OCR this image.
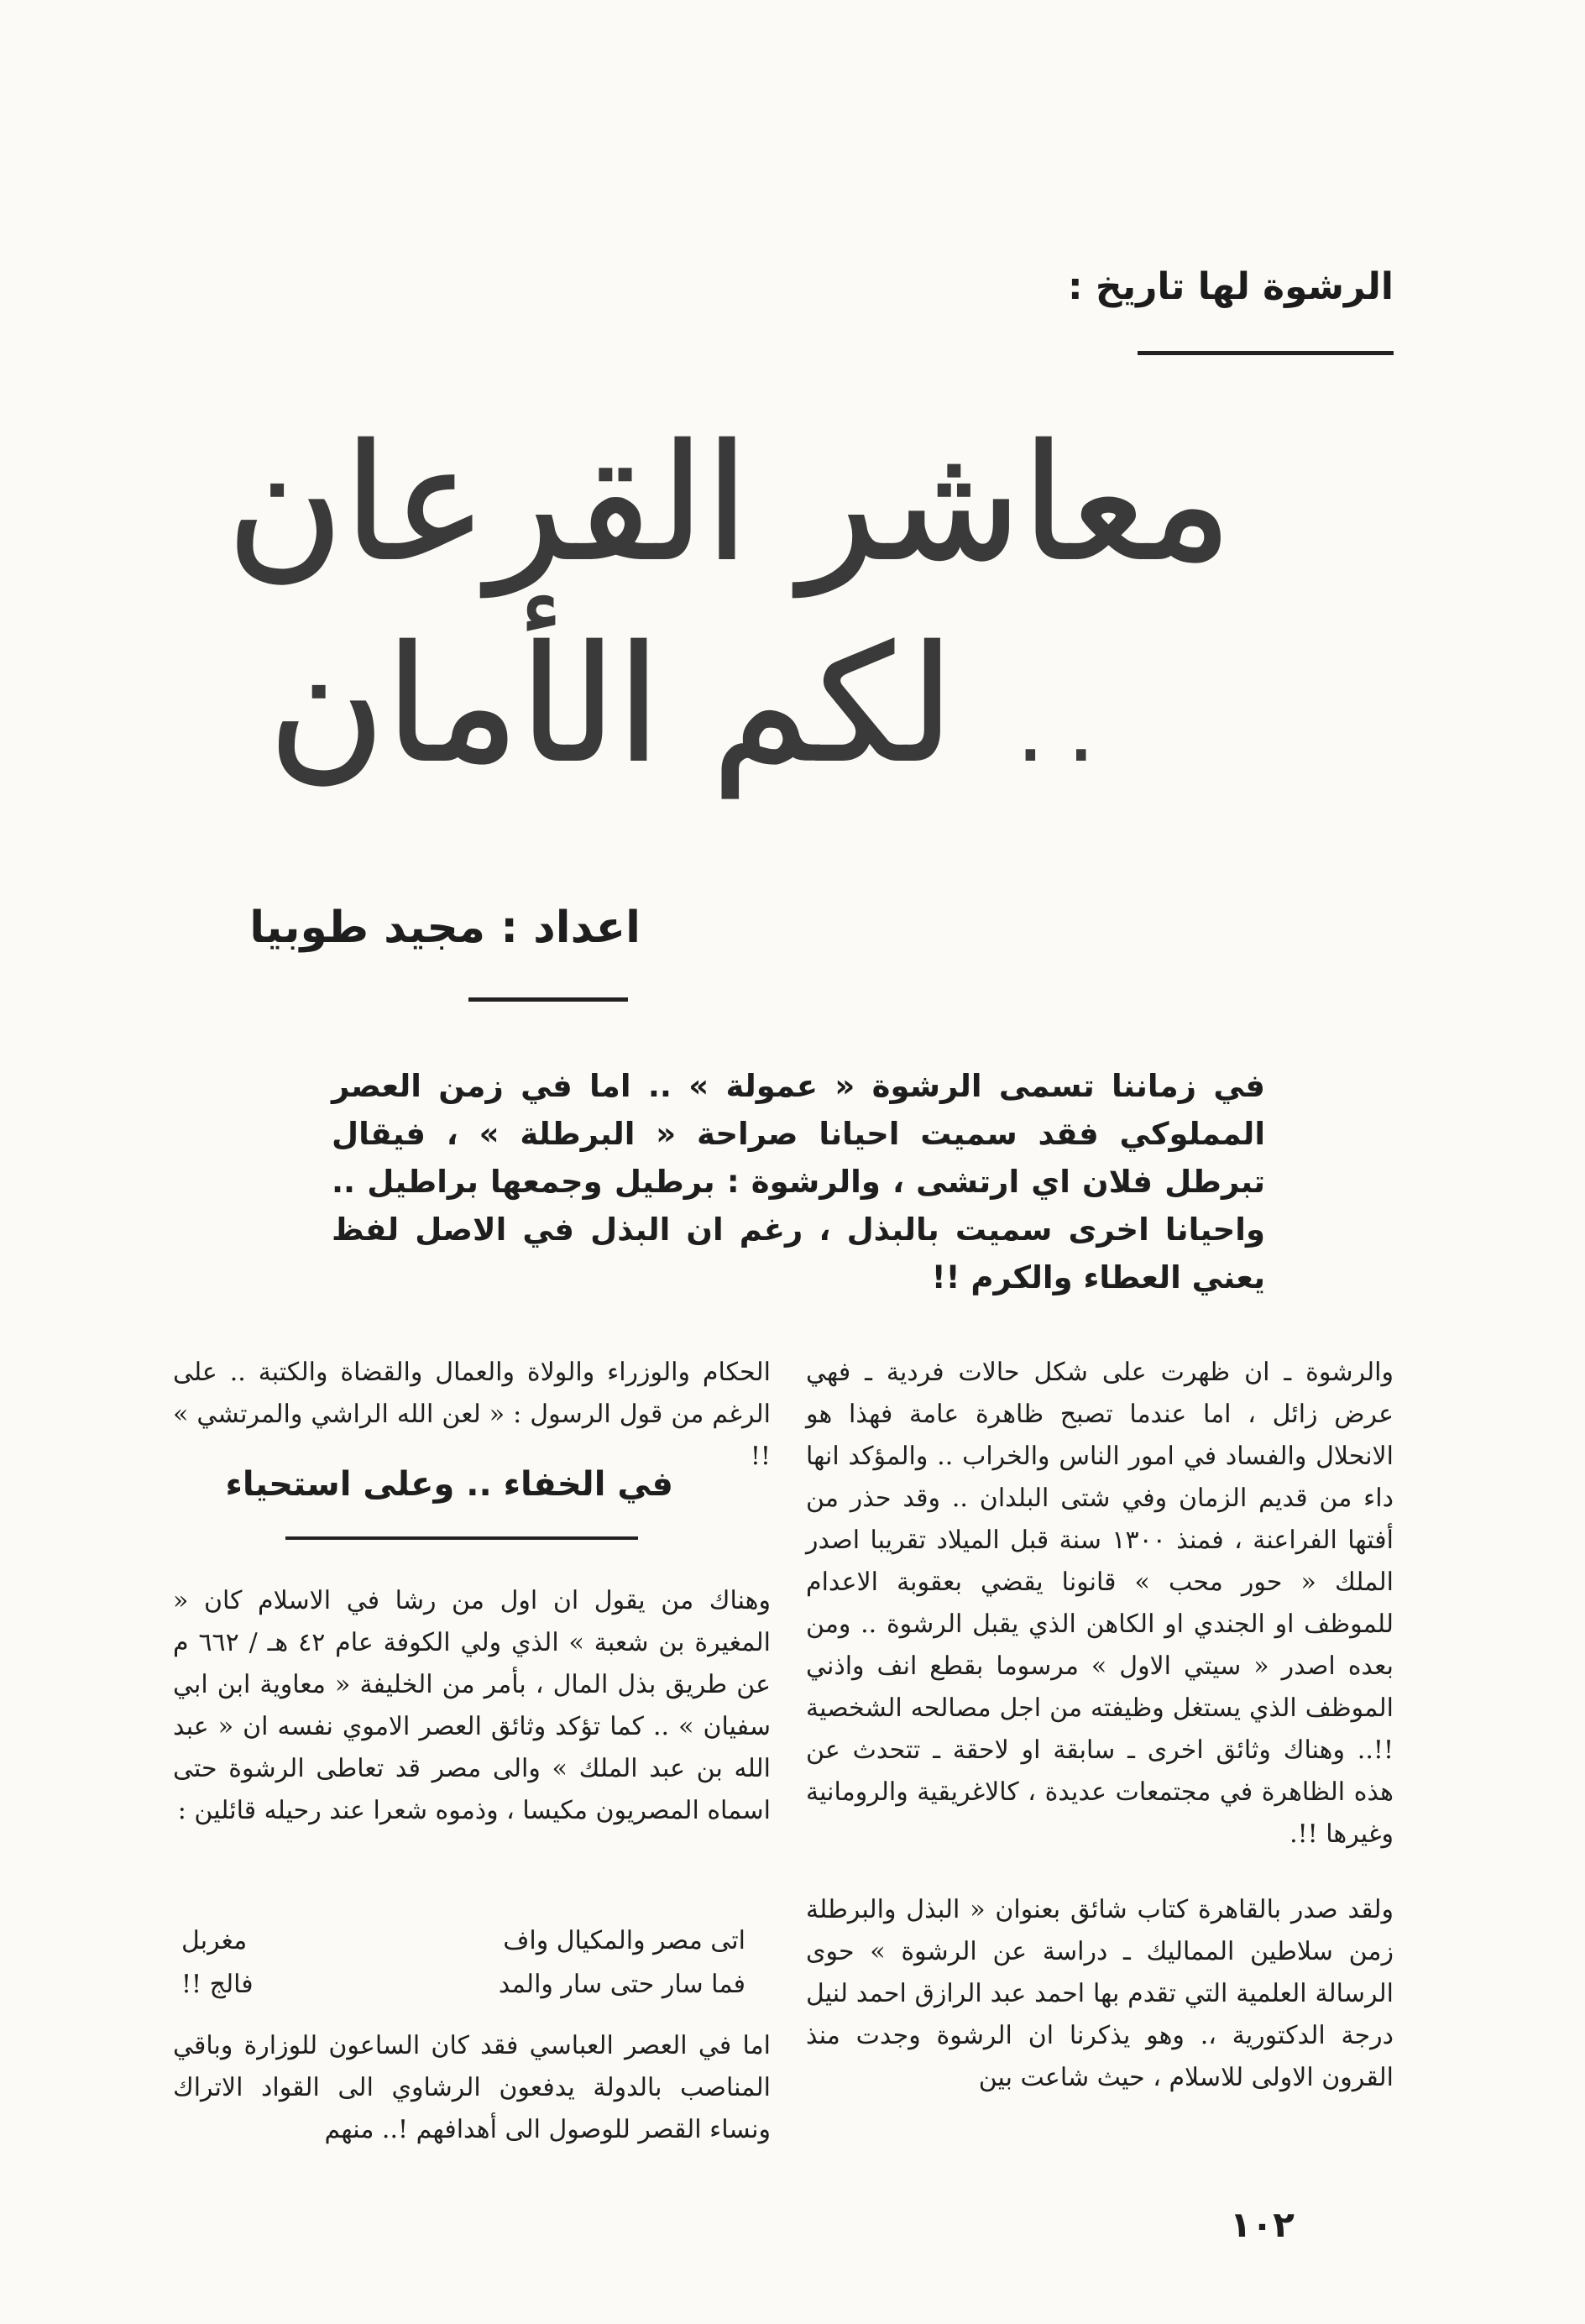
الرشوة لها تاريخ :
معاشر القرعان
.. لكم الأمان
اعداد : مجيد طوبيا
في زماننا تسمى الرشوة « عمولة » .. اما في زمن العصر المملوكي فقد سميت احيانا صراحة « البرطلة » ، فيقال تبرطل فلان اي ارتشى ، والرشوة : برطيل وجمعها براطيل .. واحيانا اخرى سميت بالبذل ، رغم ان البذل في الاصل لفظ يعني العطاء والكرم !!

والرشوة ـ ان ظهرت على شكل حالات فردية ـ فهي عرض زائل ، اما عندما تصبح ظاهرة عامة فهذا هو الانحلال والفساد في امور الناس والخراب .. والمؤكد انها داء من قديم الزمان وفي شتى البلدان .. وقد حذر من أفتها الفراعنة ، فمنذ ١٣٠٠ سنة قبل الميلاد تقريبا اصدر الملك « حور محب » قانونا يقضي بعقوبة الاعدام للموظف او الجندي او الكاهن الذي يقبل الرشوة .. ومن بعده اصدر « سيتي الاول » مرسوما بقطع انف واذني الموظف الذي يستغل وظيفته من اجل مصالحه الشخصية !!.. وهناك وثائق اخرى ـ سابقة او لاحقة ـ تتحدث عن هذه الظاهرة في مجتمعات عديدة ، كالاغريقية والرومانية وغيرها !!.

ولقد صدر بالقاهرة كتاب شائق بعنوان « البذل والبرطلة زمن سلاطين المماليك ـ دراسة عن الرشوة » حوى الرسالة العلمية التي تقدم بها احمد عبد الرازق احمد لنيل درجة الدكتورية ،. وهو يذكرنا ان الرشوة وجدت منذ القرون الاولى للاسلام ، حيث شاعت بين

الحكام والوزراء والولاة والعمال والقضاة والكتبة .. على الرغم من قول الرسول : « لعن الله الراشي والمرتشي » !!
في الخفاء .. وعلى استحياء
وهناك من يقول ان اول من رشا في الاسلام كان « المغيرة بن شعبة » الذي ولي الكوفة عام ٤٢ هـ / ٦٦٢ م عن طريق بذل المال ، بأمر من الخليفة « معاوية ابن ابي سفيان » .. كما تؤكد وثائق العصر الاموي نفسه ان « عبد الله بن عبد الملك » والى مصر قد تعاطى الرشوة حتى اسماه المصريون مكيسا ، وذموه شعرا عند رحيله قائلين :
اتى مصر والمكيال واف
مغربل
فما سار حتى سار والمد
فالج !!
اما في العصر العباسي فقد كان الساعون للوزارة وباقي المناصب بالدولة يدفعون الرشاوي الى القواد الاتراك ونساء القصر للوصول الى أهدافهم !.. منهم
١٠٢
